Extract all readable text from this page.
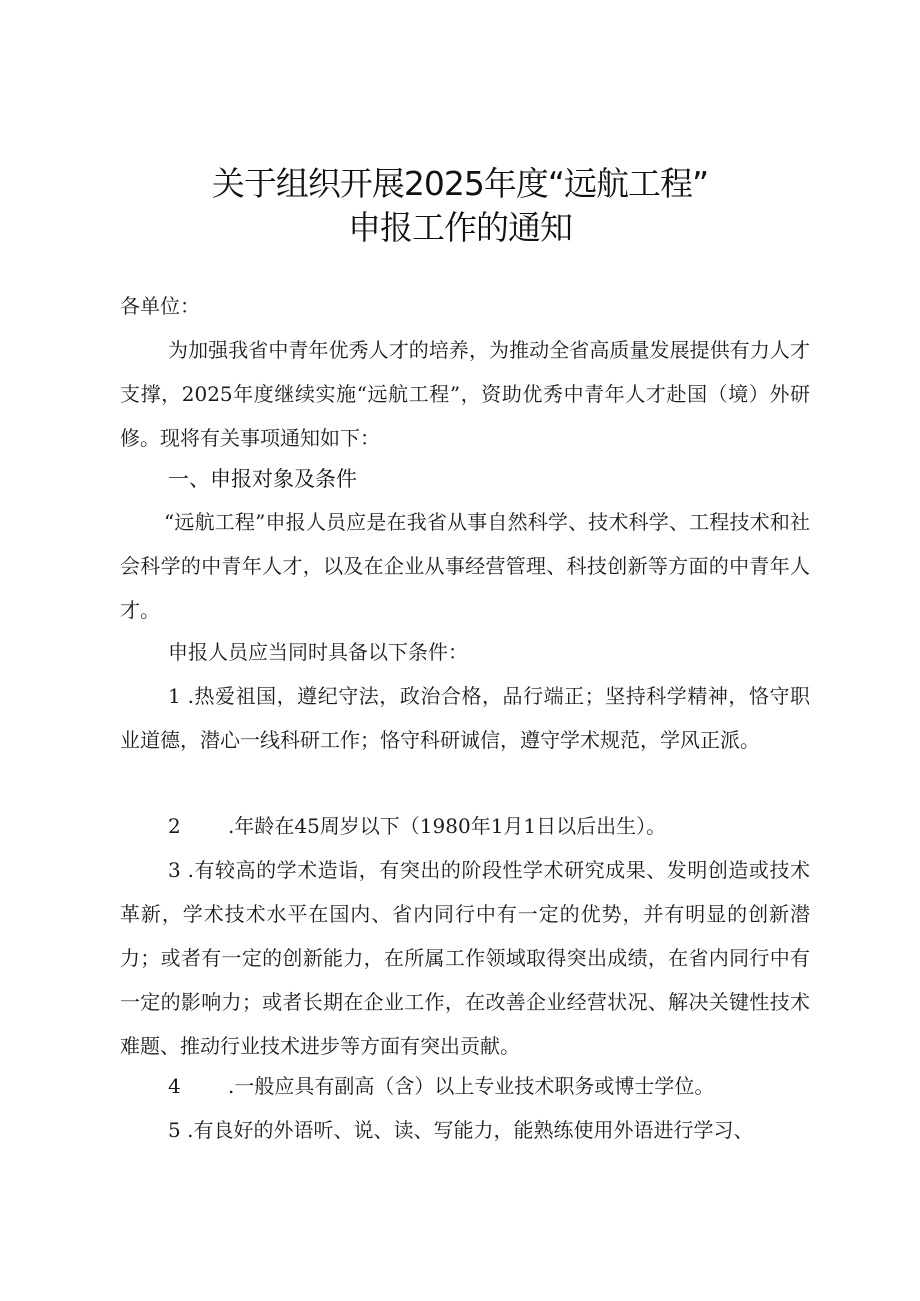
关于组织开展2025年度“远航工程”
申报工作的通知
各单位：
为加强我省中青年优秀人才的培养，为推动全省高质量发展提供有力人才支撑，2025年度继续实施“远航工程”，资助优秀中青年人才赴国（境）外研修。现将有关事项通知如下：
一、申报对象及条件
“远航工程”申报人员应是在我省从事自然科学、技术科学、工程技术和社会科学的中青年人才，以及在企业从事经营管理、科技创新等方面的中青年人才。
申报人员应当同时具备以下条件：
1 .热爱祖国，遵纪守法，政治合格，品行端正；坚持科学精神，恪守职业道德，潜心一线科研工作；恪守科研诚信，遵守学术规范，学风正派。
2 .年龄在45周岁以下（1980年1月1日以后出生）。
3 .有较高的学术造诣，有突出的阶段性学术研究成果、发明创造或技术革新，学术技术水平在国内、省内同行中有一定的优势，并有明显的创新潜力；或者有一定的创新能力，在所属工作领域取得突出成绩，在省内同行中有一定的影响力；或者长期在企业工作，在改善企业经营状况、解决关键性技术难题、推动行业技术进步等方面有突出贡献。
4 .一般应具有副高（含）以上专业技术职务或博士学位。
5 .有良好的外语听、说、读、写能力，能熟练使用外语进行学习、
